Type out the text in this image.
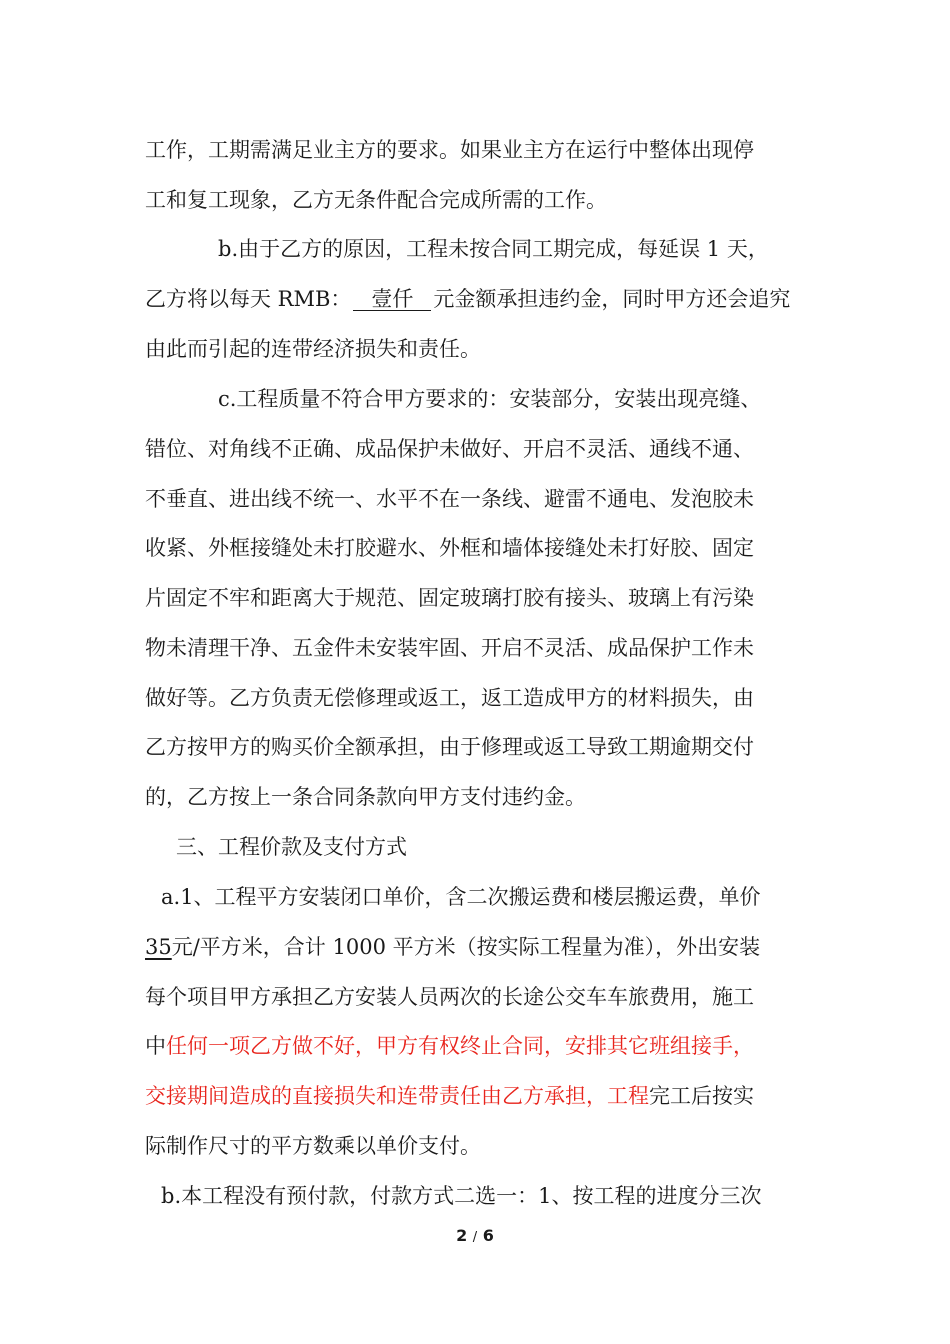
工作，工期需满足业主方的要求。如果业主方在运行中整体出现停
工和复工现象，乙方无条件配合完成所需的工作。
b.由于乙方的原因，工程未按合同工期完成，每延误 1 天，
乙方将以每天 RMB： 壹仟 元金额承担违约金，同时甲方还会追究
由此而引起的连带经济损失和责任。
c.工程质量不符合甲方要求的：安装部分，安装出现亮缝、
错位、对角线不正确、成品保护未做好、开启不灵活、通线不通、
不垂直、进出线不统一、水平不在一条线、避雷不通电、发泡胶未
收紧、外框接缝处未打胶避水、外框和墙体接缝处未打好胶、固定
片固定不牢和距离大于规范、固定玻璃打胶有接头、玻璃上有污染
物未清理干净、五金件未安装牢固、开启不灵活、成品保护工作未
做好等。乙方负责无偿修理或返工，返工造成甲方的材料损失，由
乙方按甲方的购买价全额承担，由于修理或返工导致工期逾期交付
的，乙方按上一条合同条款向甲方支付违约金。
三、工程价款及支付方式
a.1、工程平方安装闭口单价，含二次搬运费和楼层搬运费，单价
35元/平方米，合计 1000 平方米（按实际工程量为准），外出安装
每个项目甲方承担乙方安装人员两次的长途公交车车旅费用，施工
中任何一项乙方做不好，甲方有权终止合同，安排其它班组接手，
交接期间造成的直接损失和连带责任由乙方承担，工程完工后按实
际制作尺寸的平方数乘以单价支付。
b.本工程没有预付款，付款方式二选一：1、按工程的进度分三次
2 / 6
